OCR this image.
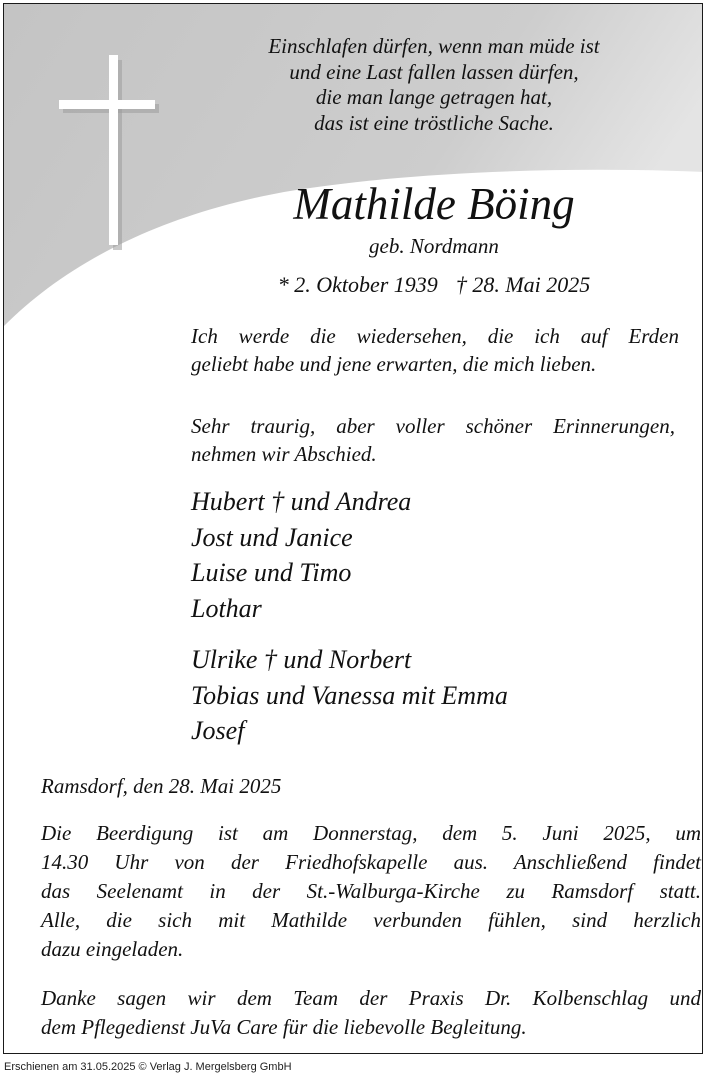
Einschlafen dürfen, wenn man müde ist
und eine Last fallen lassen dürfen,
die man lange getragen hat,
das ist eine tröstliche Sache.
Mathilde Böing
geb. Nordmann
* 2. Oktober 1939 † 28. Mai 2025
Ich werde die wiedersehen, die ich auf Erden
geliebt habe und jene erwarten, die mich lieben.
Sehr traurig, aber voller schöner Erinnerungen,
nehmen wir Abschied.
Hubert † und Andrea
Jost und Janice
Luise und Timo
Lothar
Ulrike † und Norbert
Tobias und Vanessa mit Emma
Josef
Ramsdorf, den 28. Mai 2025
Die Beerdigung ist am Donnerstag, dem 5. Juni 2025, um
14.30 Uhr von der Friedhofskapelle aus. Anschließend findet
das Seelenamt in der St.-Walburga-Kirche zu Ramsdorf statt.
Alle, die sich mit Mathilde verbunden fühlen, sind herzlich
dazu eingeladen.
Danke sagen wir dem Team der Praxis Dr. Kolbenschlag und
dem Pflegedienst JuVa Care für die liebevolle Begleitung.
Erschienen am 31.05.2025 © Verlag J. Mergelsberg GmbH
